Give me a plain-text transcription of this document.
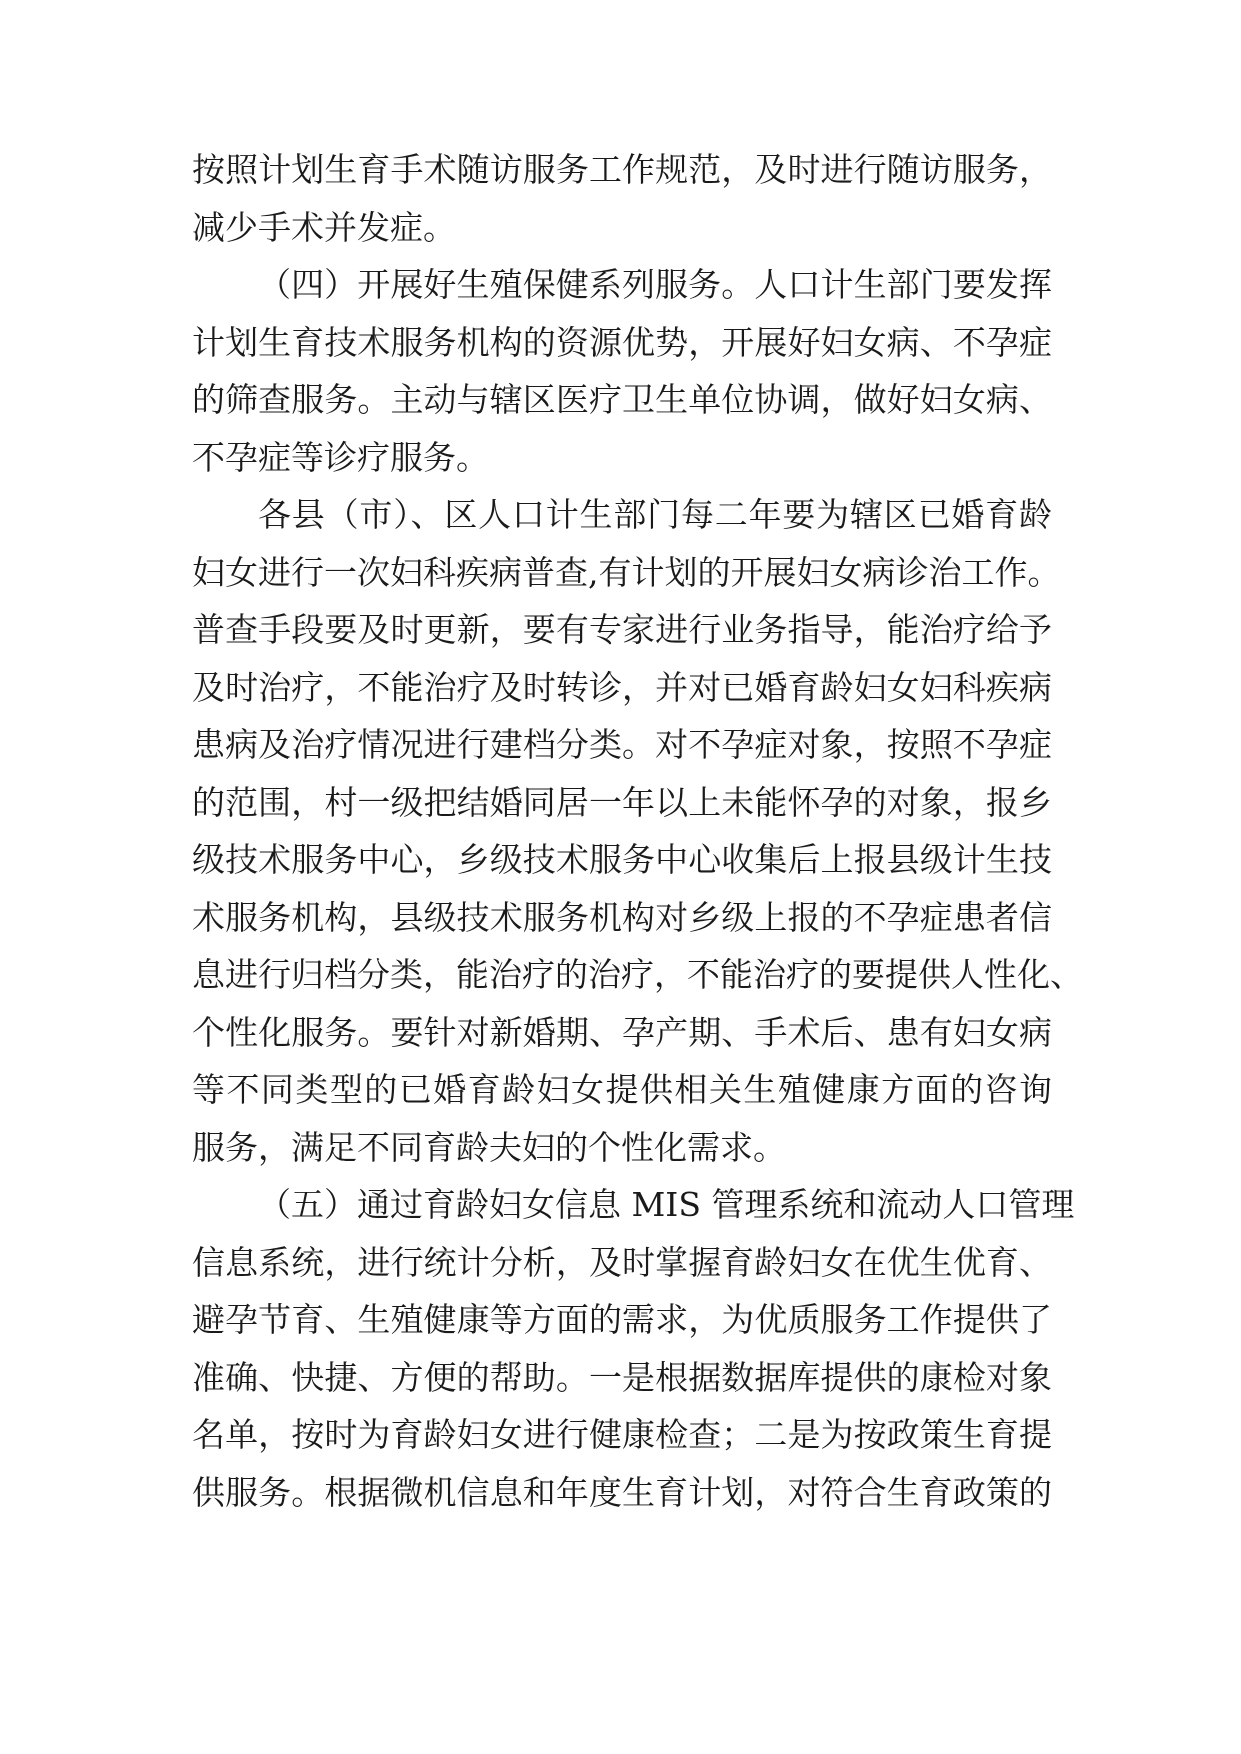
按照计划生育手术随访服务工作规范，及时进行随访服务，
减少手术并发症。
（四）开展好生殖保健系列服务。人口计生部门要发挥
计划生育技术服务机构的资源优势，开展好妇女病、不孕症
的筛查服务。主动与辖区医疗卫生单位协调，做好妇女病、
不孕症等诊疗服务。
各县（市）、区人口计生部门每二年要为辖区已婚育龄
妇女进行一次妇科疾病普查,有计划的开展妇女病诊治工作。
普查手段要及时更新，要有专家进行业务指导，能治疗给予
及时治疗，不能治疗及时转诊，并对已婚育龄妇女妇科疾病
患病及治疗情况进行建档分类。对不孕症对象，按照不孕症
的范围，村一级把结婚同居一年以上未能怀孕的对象，报乡
级技术服务中心，乡级技术服务中心收集后上报县级计生技
术服务机构，县级技术服务机构对乡级上报的不孕症患者信
息进行归档分类，能治疗的治疗，不能治疗的要提供人性化、
个性化服务。要针对新婚期、孕产期、手术后、患有妇女病
等不同类型的已婚育龄妇女提供相关生殖健康方面的咨询
服务，满足不同育龄夫妇的个性化需求。
（五）通过育龄妇女信息 MIS 管理系统和流动人口管理
信息系统，进行统计分析，及时掌握育龄妇女在优生优育、
避孕节育、生殖健康等方面的需求，为优质服务工作提供了
准确、快捷、方便的帮助。一是根据数据库提供的康检对象
名单，按时为育龄妇女进行健康检查；二是为按政策生育提
供服务。根据微机信息和年度生育计划，对符合生育政策的
